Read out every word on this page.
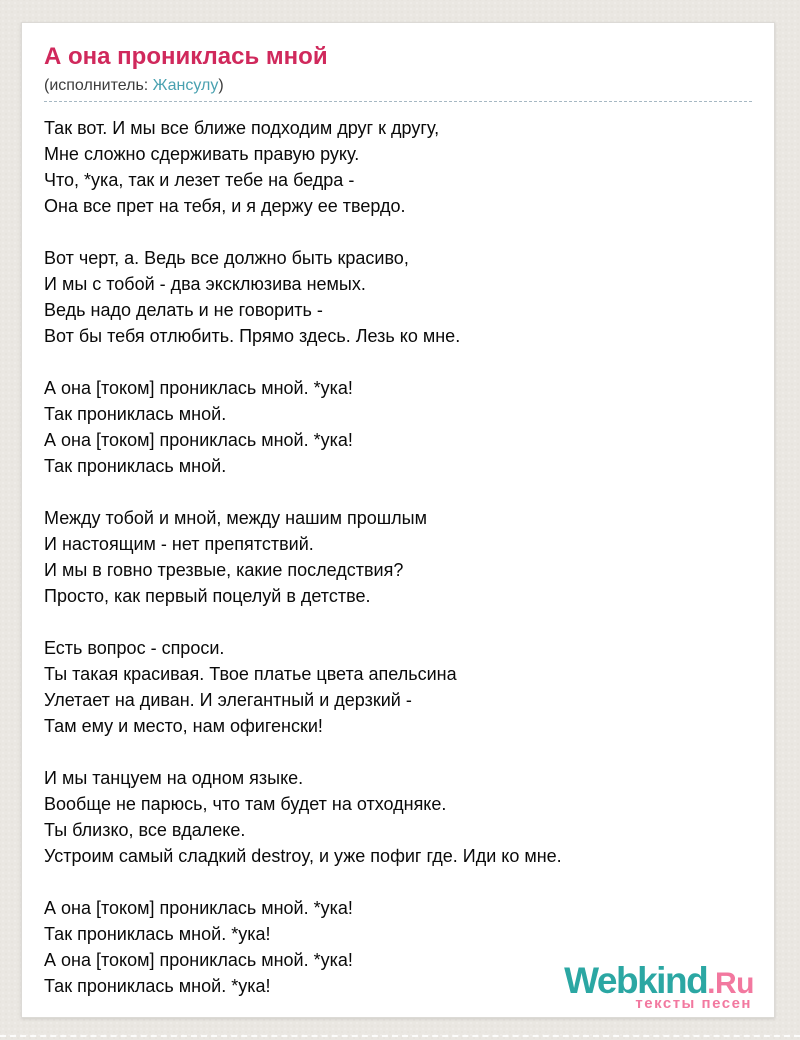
А она прониклась мной
(исполнитель: Жансулу)

Так вот. И мы все ближе подходим друг к другу,
Мне сложно сдерживать правую руку.
Что, *ука, так и лезет тебе на бедра -
Она все прет на тебя, и я держу ее твердо.

Вот черт, а. Ведь все должно быть красиво,
И мы с тобой - два эксклюзива немых.
Ведь надо делать и не говорить -
Вот бы тебя отлюбить. Прямо здесь. Лезь ко мне.

А она [током] прониклась мной. *ука!
Так прониклась мной.
А она [током] прониклась мной. *ука!
Так прониклась мной.

Между тобой и мной, между нашим прошлым
И настоящим - нет препятствий.
И мы в говно трезвые, какие последствия?
Просто, как первый поцелуй в детстве.

Есть вопрос - спроси.
Ты такая красивая. Твое платье цвета апельсина
Улетает на диван. И элегантный и дерзкий -
Там ему и место, нам офигенски!

И мы танцуем на одном языке.
Вообще не парюсь, что там будет на отходняке.
Ты близко, все вдалеке.
Устроим самый сладкий destroy, и уже пофиг где. Иди ко мне.

А она [током] прониклась мной. *ука!
Так прониклась мной. *ука!
А она [током] прониклась мной. *ука!
Так прониклась мной. *ука!	Webkind.Ru
тексты песен
